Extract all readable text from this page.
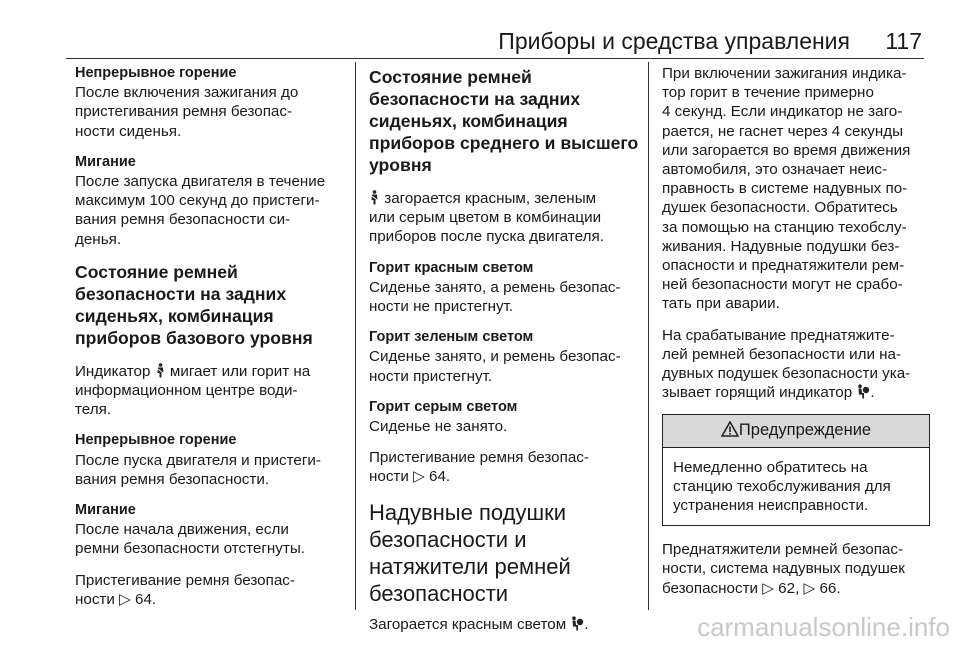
Приборы и средства управления 117
Непрерывное горение
После включения зажигания до
пристегивания ремня безопас-
ности сиденья.
Мигание
После запуска двигателя в течение
максимум 100 секунд до пристеги-
вания ремня безопасности си-
денья.
Состояние ремней
безопасности на задних
сиденьях, комбинация
приборов базового уровня
Индикатор мигает или горит на
информационном центре води-
теля.
Непрерывное горение
После пуска двигателя и пристеги-
вания ремня безопасности.
Мигание
После начала движения, если
ремни безопасности отстегнуты.
Пристегивание ремня безопас-
ности ▷ 64.
Состояние ремней
безопасности на задних
сиденьях, комбинация
приборов среднего и высшего
уровня
загорается красным, зеленым
или серым цветом в комбинации
приборов после пуска двигателя.
Горит красным светом
Сиденье занято, а ремень безопас-
ности не пристегнут.
Горит зеленым светом
Сиденье занято, и ремень безопас-
ности пристегнут.
Горит серым светом
Сиденье не занято.
Пристегивание ремня безопас-
ности ▷ 64.
Надувные подушки
безопасности и
натяжители ремней
безопасности
Загорается красным светом .
При включении зажигания индика-
тор горит в течение примерно
4 секунд. Если индикатор не заго-
рается, не гаснет через 4 секунды
или загорается во время движения
автомобиля, это означает неис-
правность в системе надувных по-
душек безопасности. Обратитесь
за помощью на станцию техобслу-
живания. Надувные подушки без-
опасности и преднатяжители рем-
ней безопасности могут не срабо-
тать при аварии.
На срабатывание преднатяжите-
лей ремней безопасности или на-
дувных подушек безопасности ука-
зывает горящий индикатор .
Предупреждение
Немедленно обратитесь на
станцию техобслуживания для
устранения неисправности.
Преднатяжители ремней безопас-
ности, система надувных подушек
безопасности ▷ 62, ▷ 66.
carmanualsonline.info
